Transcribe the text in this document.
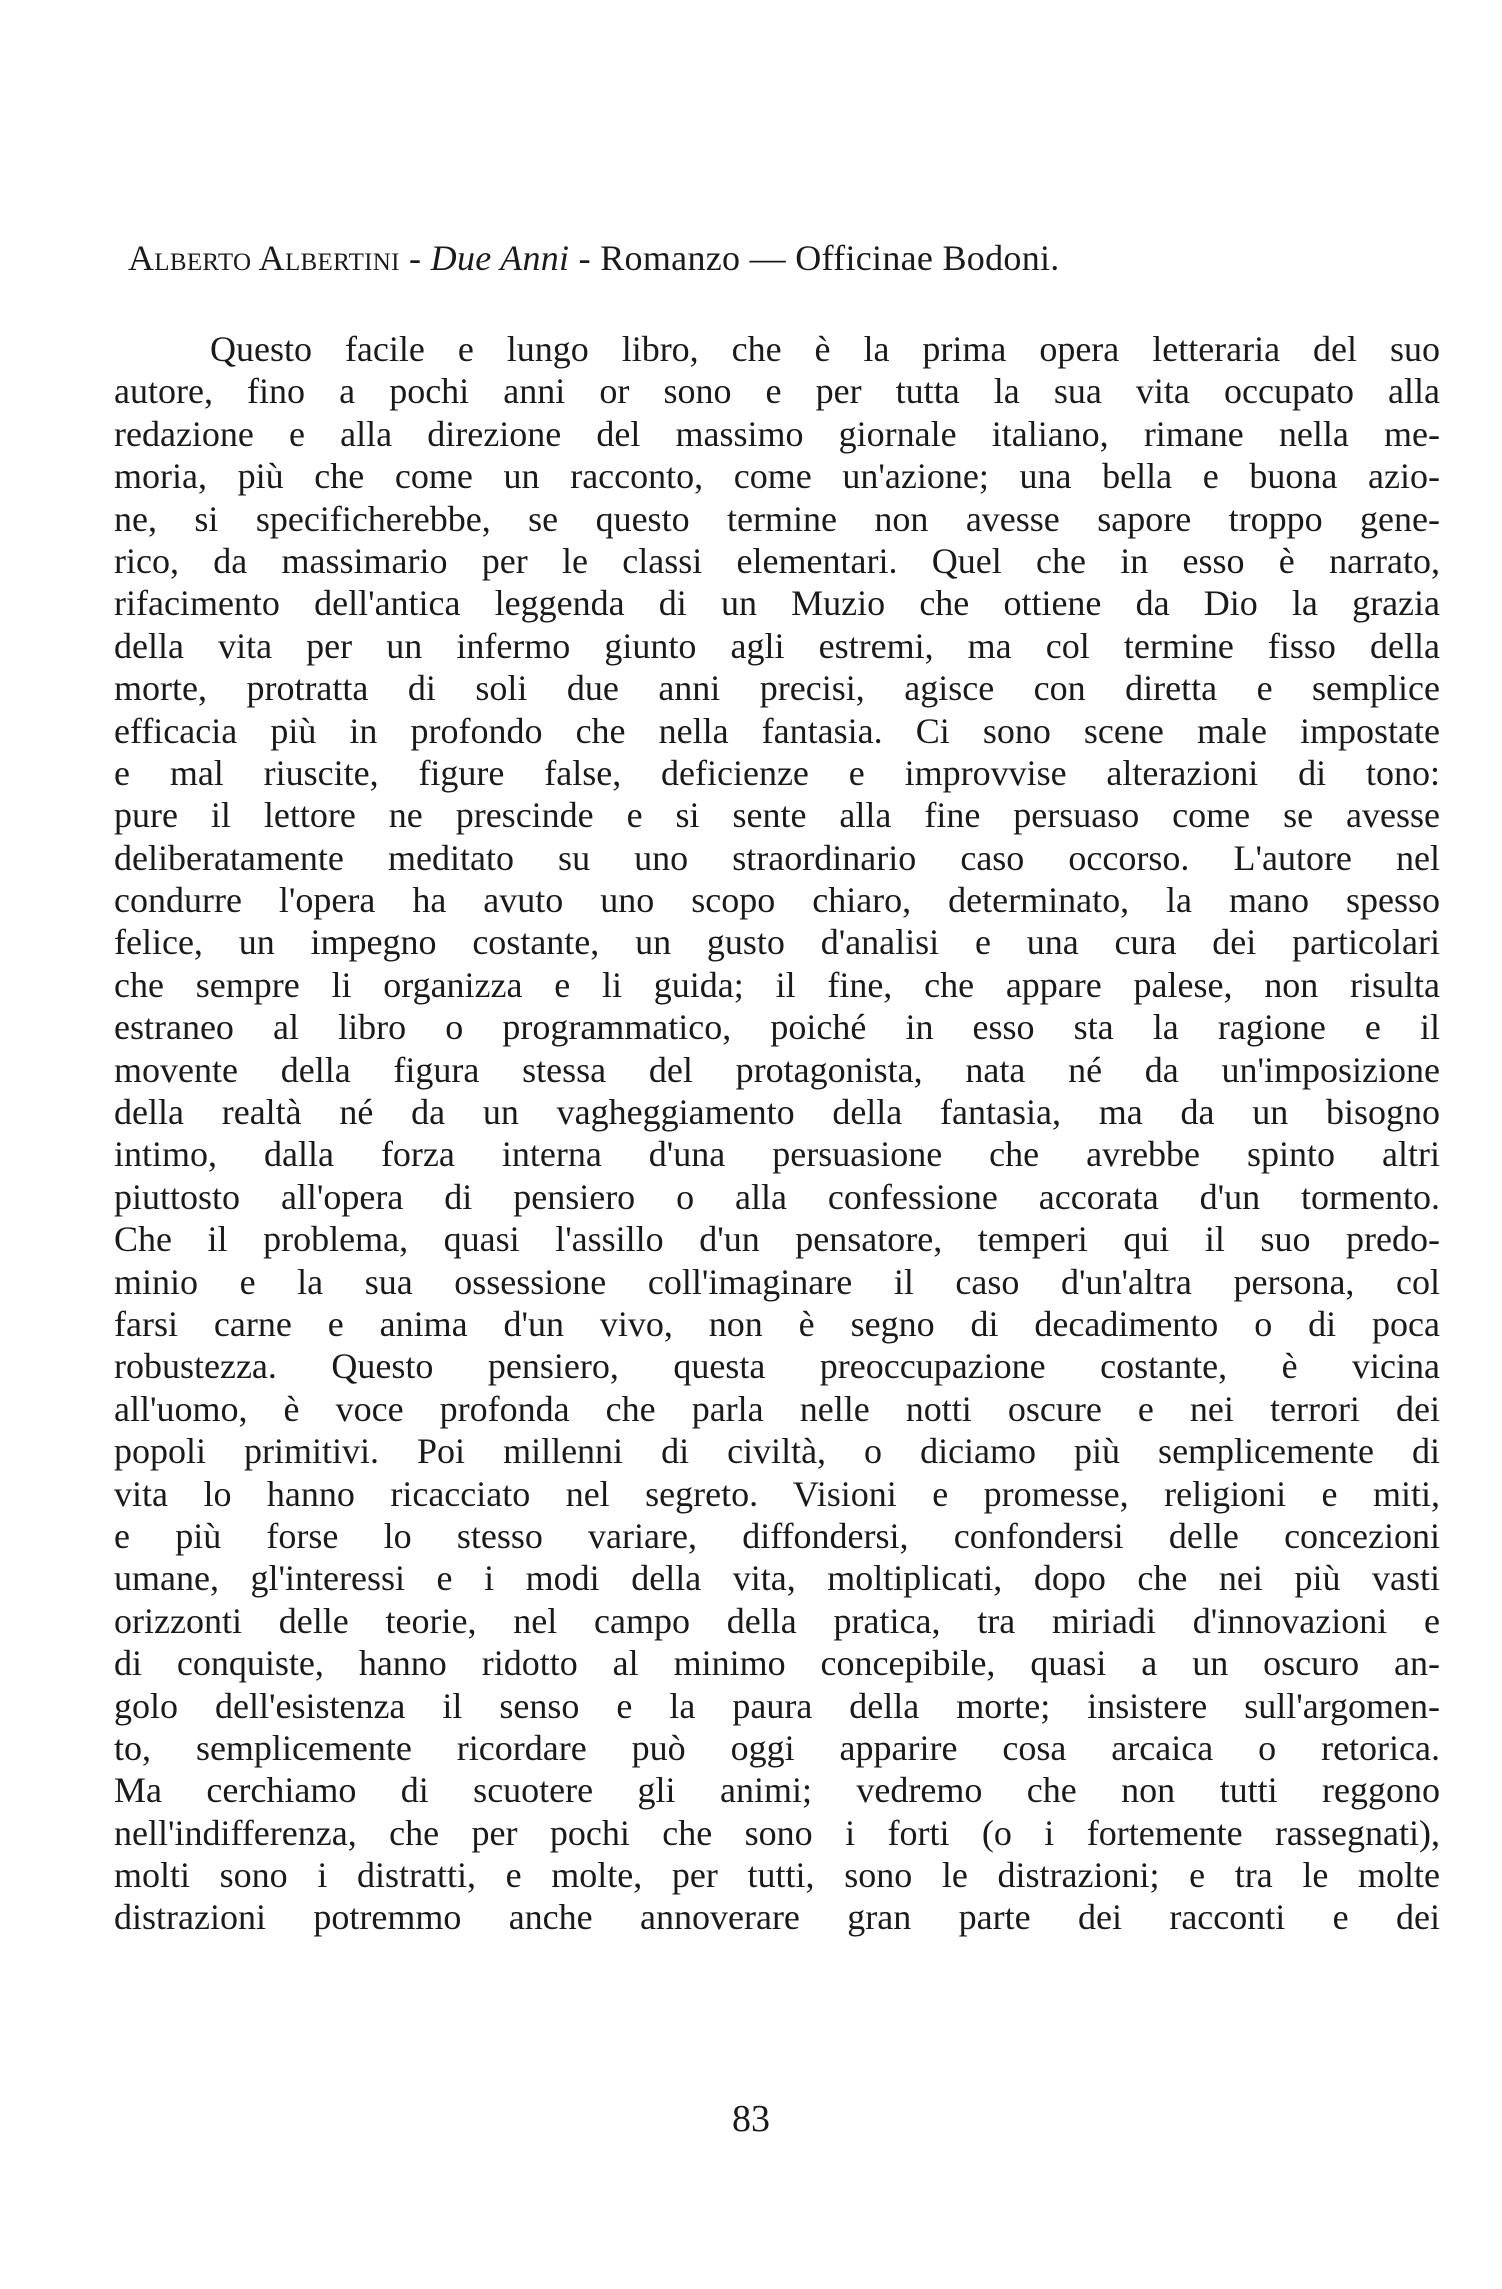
Alberto Albertini - Due Anni - Romanzo — Officinae Bodoni.
Questo facile e lungo libro, che è la prima opera letteraria del suo
autore, fino a pochi anni or sono e per tutta la sua vita occupato alla
redazione e alla direzione del massimo giornale italiano, rimane nella me-
moria, più che come un racconto, come un'azione; una bella e buona azio-
ne, si specificherebbe, se questo termine non avesse sapore troppo gene-
rico, da massimario per le classi elementari. Quel che in esso è narrato,
rifacimento dell'antica leggenda di un Muzio che ottiene da Dio la grazia
della vita per un infermo giunto agli estremi, ma col termine fisso della
morte, protratta di soli due anni precisi, agisce con diretta e semplice
efficacia più in profondo che nella fantasia. Ci sono scene male impostate
e mal riuscite, figure false, deficienze e improvvise alterazioni di tono:
pure il lettore ne prescinde e si sente alla fine persuaso come se avesse
deliberatamente meditato su uno straordinario caso occorso. L'autore nel
condurre l'opera ha avuto uno scopo chiaro, determinato, la mano spesso
felice, un impegno costante, un gusto d'analisi e una cura dei particolari
che sempre li organizza e li guida; il fine, che appare palese, non risulta
estraneo al libro o programmatico, poiché in esso sta la ragione e il
movente della figura stessa del protagonista, nata né da un'imposizione
della realtà né da un vagheggiamento della fantasia, ma da un bisogno
intimo, dalla forza interna d'una persuasione che avrebbe spinto altri
piuttosto all'opera di pensiero o alla confessione accorata d'un tormento.
Che il problema, quasi l'assillo d'un pensatore, temperi qui il suo predo-
minio e la sua ossessione coll'imaginare il caso d'un'altra persona, col
farsi carne e anima d'un vivo, non è segno di decadimento o di poca
robustezza. Questo pensiero, questa preoccupazione costante, è vicina
all'uomo, è voce profonda che parla nelle notti oscure e nei terrori dei
popoli primitivi. Poi millenni di civiltà, o diciamo più semplicemente di
vita lo hanno ricacciato nel segreto. Visioni e promesse, religioni e miti,
e più forse lo stesso variare, diffondersi, confondersi delle concezioni
umane, gl'interessi e i modi della vita, moltiplicati, dopo che nei più vasti
orizzonti delle teorie, nel campo della pratica, tra miriadi d'innovazioni e
di conquiste, hanno ridotto al minimo concepibile, quasi a un oscuro an-
golo dell'esistenza il senso e la paura della morte; insistere sull'argomen-
to, semplicemente ricordare può oggi apparire cosa arcaica o retorica.
Ma cerchiamo di scuotere gli animi; vedremo che non tutti reggono
nell'indifferenza, che per pochi che sono i forti (o i fortemente rassegnati),
molti sono i distratti, e molte, per tutti, sono le distrazioni; e tra le molte
distrazioni potremmo anche annoverare gran parte dei racconti e dei
83
